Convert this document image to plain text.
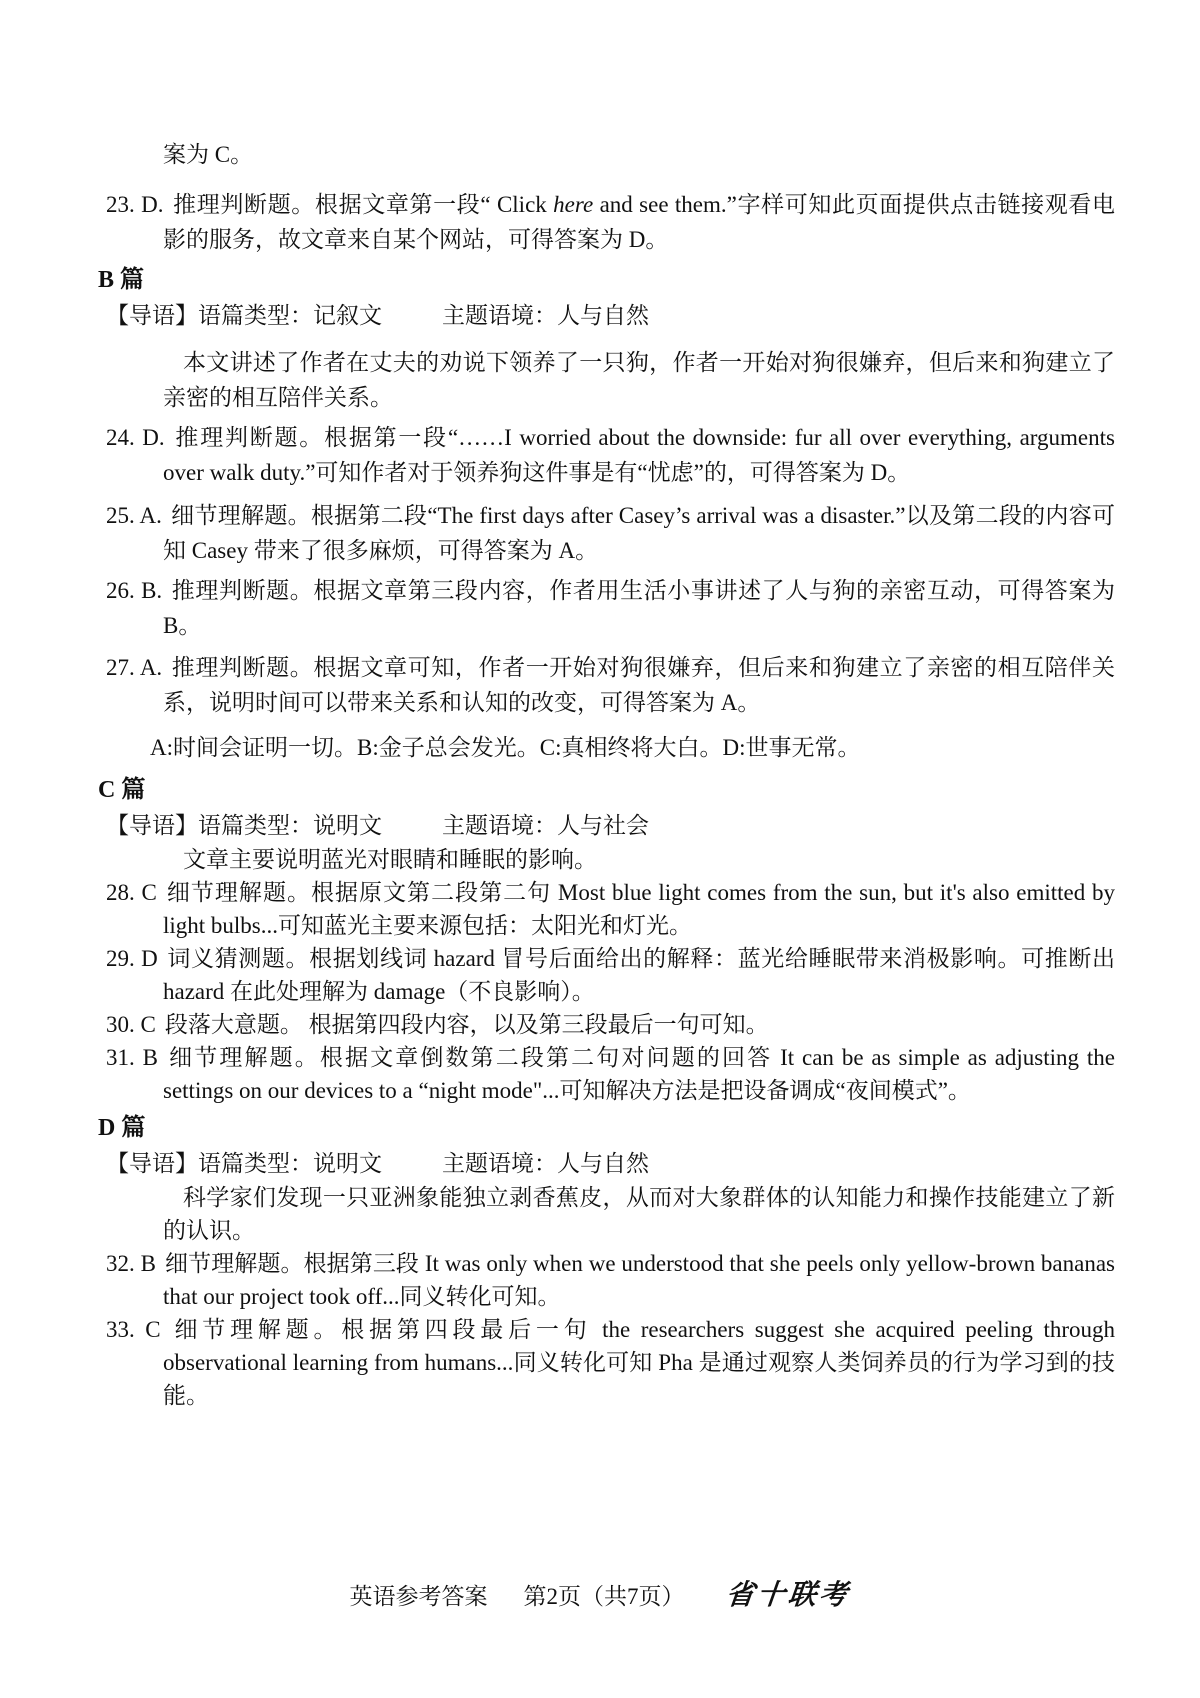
案为 C。

23. D. 推理判断题。根据文章第一段“ Click here and see them.”字样可知此页面提供点击链接观看电影的服务，故文章来自某个网站，可得答案为 D。

B 篇

【导语】语篇类型：记叙文	主题语境：人与自然

本文讲述了作者在丈夫的劝说下领养了一只狗，作者一开始对狗很嫌弃，但后来和狗建立了亲密的相互陪伴关系。

24. D. 推理判断题。根据第一段“……I worried about the downside: fur all over everything, arguments over walk duty.”可知作者对于领养狗这件事是有“忧虑”的，可得答案为 D。

25. A. 细节理解题。根据第二段“The first days after Casey’s arrival was a disaster.”以及第二段的内容可知 Casey 带来了很多麻烦，可得答案为 A。

26. B. 推理判断题。根据文章第三段内容，作者用生活小事讲述了人与狗的亲密互动，可得答案为 B。

27. A. 推理判断题。根据文章可知，作者一开始对狗很嫌弃，但后来和狗建立了亲密的相互陪伴关系，说明时间可以带来关系和认知的改变，可得答案为 A。

A:时间会证明一切。B:金子总会发光。C:真相终将大白。D:世事无常。

C 篇

【导语】语篇类型：说明文	主题语境：人与社会

文章主要说明蓝光对眼睛和睡眠的影响。

28. C 细节理解题。根据原文第二段第二句 Most blue light comes from the sun, but it's also emitted by light bulbs...可知蓝光主要来源包括：太阳光和灯光。

29. D 词义猜测题。根据划线词 hazard 冒号后面给出的解释：蓝光给睡眠带来消极影响。可推断出 hazard 在此处理解为 damage（不良影响）。

30. C 段落大意题。 根据第四段内容，以及第三段最后一句可知。

31. B 细节理解题。根据文章倒数第二段第二句对问题的回答 It can be as simple as adjusting the settings on our devices to a “night mode"...可知解决方法是把设备调成“夜间模式”。

D 篇

【导语】语篇类型：说明文	主题语境：人与自然

科学家们发现一只亚洲象能独立剥香蕉皮，从而对大象群体的认知能力和操作技能建立了新的认识。

32. B 细节理解题。根据第三段 It was only when we understood that she peels only yellow-brown bananas that our project took off...同义转化可知。

33. C 细节理解题。根据第四段最后一句 the researchers suggest she acquired peeling through observational learning from humans...同义转化可知 Pha 是通过观察人类饲养员的行为学习到的技能。

英语参考答案 第2页（共7页） 省十联考
